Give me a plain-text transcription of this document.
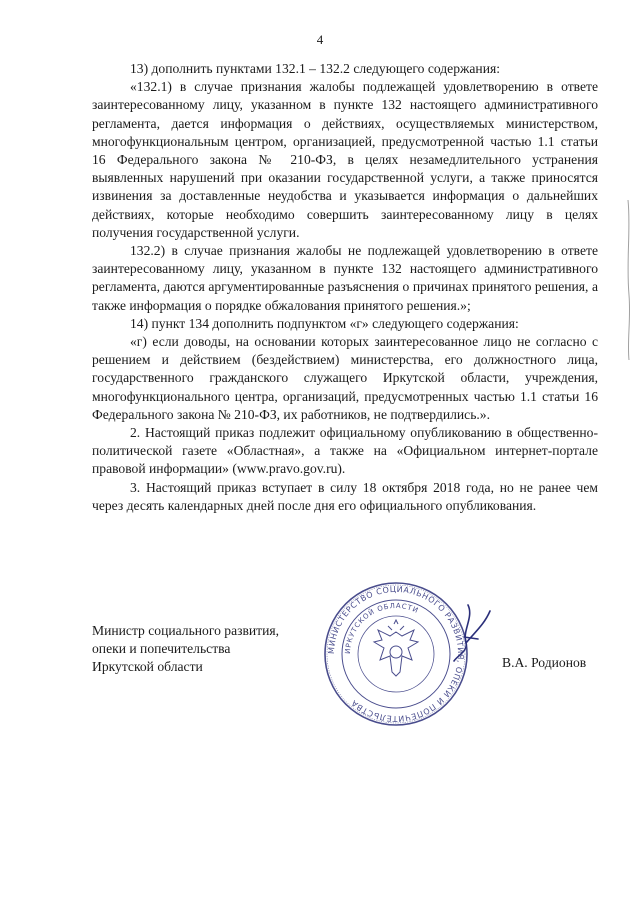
4

13) дополнить пунктами 132.1 – 132.2 следующего содержания:

«132.1) в случае признания жалобы подлежащей удовлетворению в ответе заинтересованному лицу, указанном в пункте 132 настоящего административного регламента, дается информация о действиях, осуществляемых министерством, многофункциональным центром, организацией, предусмотренной частью 1.1 статьи 16 Федерального закона № 210-ФЗ, в целях незамедлительного устранения выявленных нарушений при оказании государственной услуги, а также приносятся извинения за доставленные неудобства и указывается информация о дальнейших действиях, которые необходимо совершить заинтересованному лицу в целях получения государственной услуги.

132.2) в случае признания жалобы не подлежащей удовлетворению в ответе заинтересованному лицу, указанном в пункте 132 настоящего административного регламента, даются аргументированные разъяснения о причинах принятого решения, а также информация о порядке обжалования принятого решения.»;

14) пункт 134 дополнить подпунктом «г» следующего содержания:

«г) если доводы, на основании которых заинтересованное лицо не согласно с решением и действием (бездействием) министерства, его должностного лица, государственного гражданского служащего Иркутской области, учреждения, многофункционального центра, организаций, предусмотренных частью 1.1 статьи 16 Федерального закона № 210-ФЗ, их работников, не подтвердились.».

2. Настоящий приказ подлежит официальному опубликованию в общественно-политической газете «Областная», а также на «Официальном интернет-портале правовой информации» (www.pravo.gov.ru).

3. Настоящий приказ вступает в силу 18 октября 2018 года, но не ранее чем через десять календарных дней после дня его официального опубликования.

Министр социального развития,
опеки и попечительства
Иркутской области
МИНИСТЕРСТВО СОЦИАЛЬНОГО РАЗВИТИЯ, ОПЕКИ И ПОПЕЧИТЕЛЬСТВА
ИРКУТСКОЙ ОБЛАСТИ
В.А. Родионов
